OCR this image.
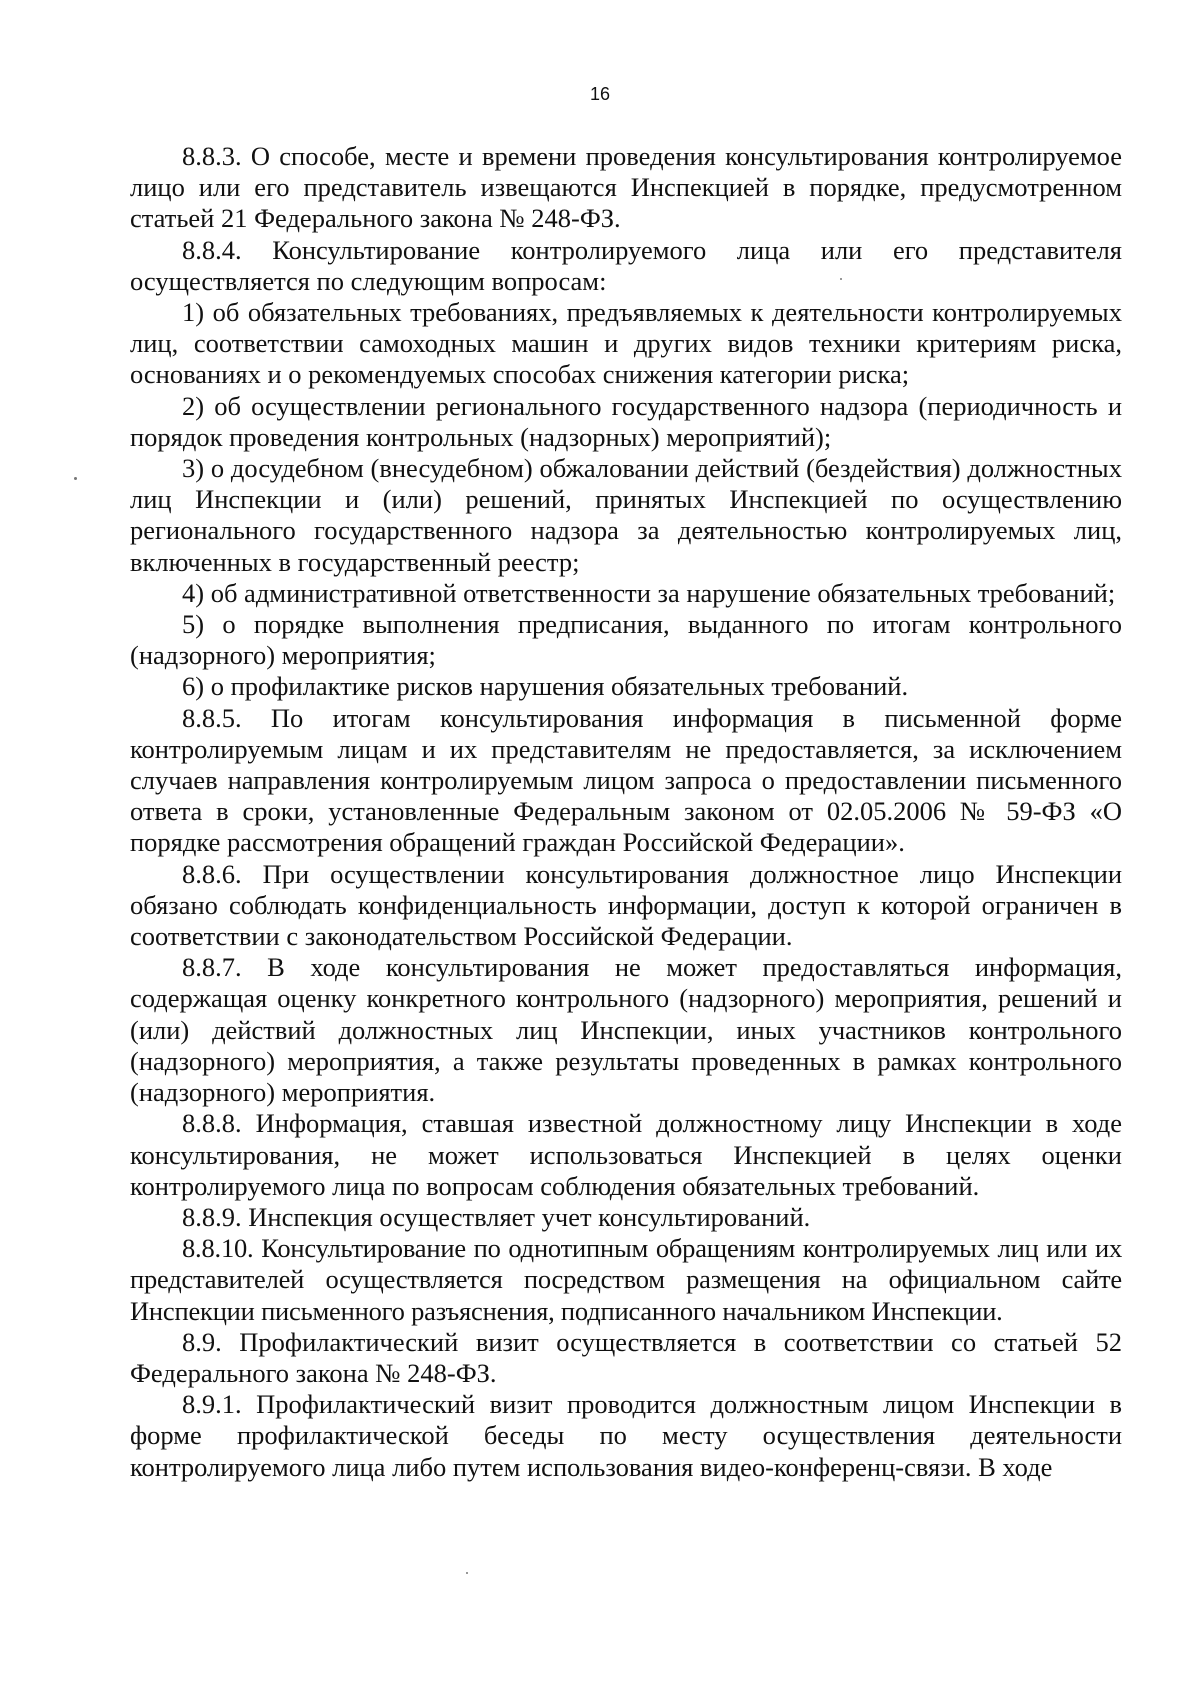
16

8.8.3. О способе, месте и времени проведения консультирования контролируемое лицо или его представитель извещаются Инспекцией в порядке, предусмотренном статьей 21 Федерального закона № 248-ФЗ.

8.8.4. Консультирование контролируемого лица или его представителя осуществляется по следующим вопросам:

1) об обязательных требованиях, предъявляемых к деятельности контролируемых лиц, соответствии самоходных машин и других видов техники критериям риска, основаниях и о рекомендуемых способах снижения категории риска;

2) об осуществлении регионального государственного надзора (периодичность и порядок проведения контрольных (надзорных) мероприятий);

3) о досудебном (внесудебном) обжаловании действий (бездействия) должностных лиц Инспекции и (или) решений, принятых Инспекцией по осуществлению регионального государственного надзора за деятельностью контролируемых лиц, включенных в государственный реестр;

4) об административной ответственности за нарушение обязательных требований;

5) о порядке выполнения предписания, выданного по итогам контрольного (надзорного) мероприятия;

6) о профилактике рисков нарушения обязательных требований.

8.8.5. По итогам консультирования информация в письменной форме контролируемым лицам и их представителям не предоставляется, за исключением случаев направления контролируемым лицом запроса о предоставлении письменного ответа в сроки, установленные Федеральным законом от 02.05.2006 № 59-ФЗ «О порядке рассмотрения обращений граждан Российской Федерации».

8.8.6. При осуществлении консультирования должностное лицо Инспекции обязано соблюдать конфиденциальность информации, доступ к которой ограничен в соответствии с законодательством Российской Федерации.

8.8.7. В ходе консультирования не может предоставляться информация, содержащая оценку конкретного контрольного (надзорного) мероприятия, решений и (или) действий должностных лиц Инспекции, иных участников контрольного (надзорного) мероприятия, а также результаты проведенных в рамках контрольного (надзорного) мероприятия.

8.8.8. Информация, ставшая известной должностному лицу Инспекции в ходе консультирования, не может использоваться Инспекцией в целях оценки контролируемого лица по вопросам соблюдения обязательных требований.

8.8.9. Инспекция осуществляет учет консультирований.

8.8.10. Консультирование по однотипным обращениям контролируемых лиц или их представителей осуществляется посредством размещения на официальном сайте Инспекции письменного разъяснения, подписанного начальником Инспекции.

8.9. Профилактический визит осуществляется в соответствии со статьей 52 Федерального закона № 248-ФЗ.

8.9.1. Профилактический визит проводится должностным лицом Инспекции в форме профилактической беседы по месту осуществления деятельности контролируемого лица либо путем использования видео-конференц-связи. В ходе
